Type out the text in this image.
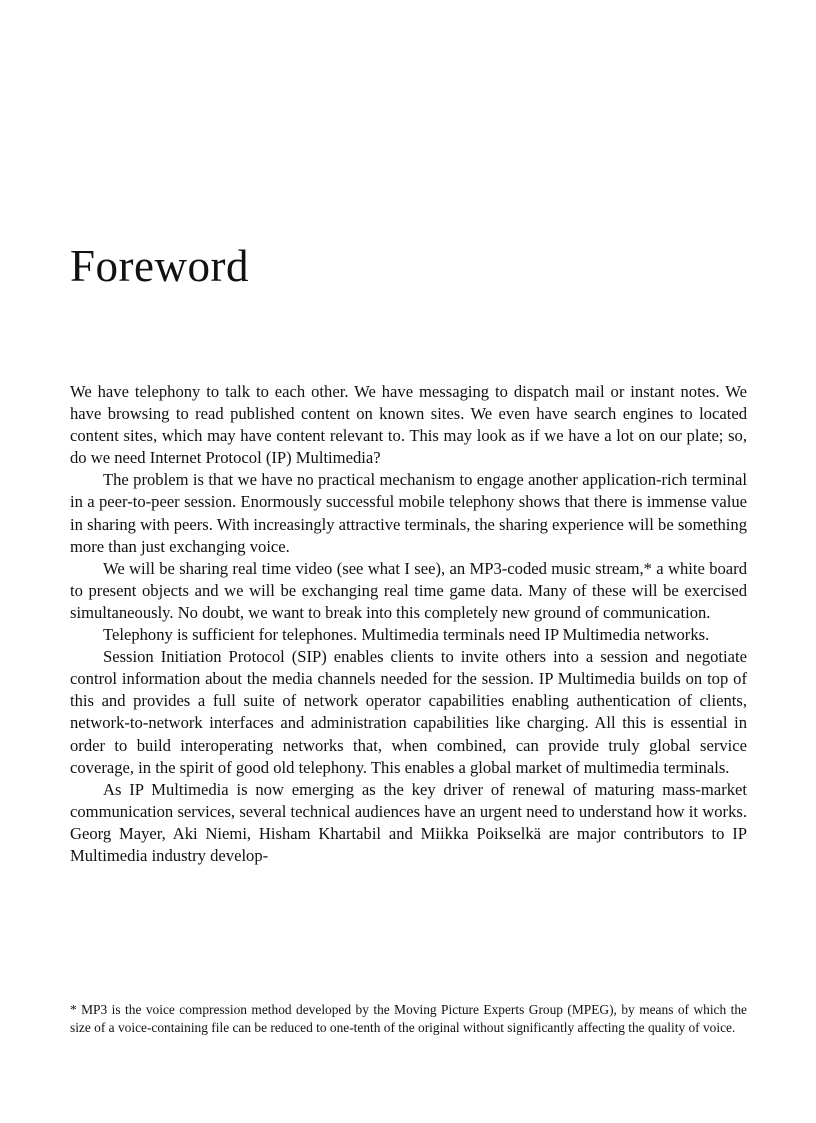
Foreword

We have telephony to talk to each other. We have messaging to dispatch mail or instant notes. We have browsing to read published content on known sites. We even have search engines to located content sites, which may have content relevant to. This may look as if we have a lot on our plate; so, do we need Internet Protocol (IP) Multimedia?

The problem is that we have no practical mechanism to engage another application-rich terminal in a peer-to-peer session. Enormously successful mobile telephony shows that there is immense value in sharing with peers. With increasingly attractive terminals, the sharing experience will be something more than just exchanging voice.

We will be sharing real time video (see what I see), an MP3-coded music stream,* a white board to present objects and we will be exchanging real time game data. Many of these will be exercised simultaneously. No doubt, we want to break into this completely new ground of communication.

Telephony is sufficient for telephones. Multimedia terminals need IP Multimedia networks.

Session Initiation Protocol (SIP) enables clients to invite others into a session and negotiate control information about the media channels needed for the session. IP Multimedia builds on top of this and provides a full suite of network operator capabilities enabling authentication of clients, network-to-network interfaces and administration capabilities like charging. All this is essential in order to build interoperating networks that, when combined, can provide truly global service coverage, in the spirit of good old telephony. This enables a global market of multimedia terminals.

As IP Multimedia is now emerging as the key driver of renewal of maturing mass-market communication services, several technical audiences have an urgent need to understand how it works. Georg Mayer, Aki Niemi, Hisham Khartabil and Miikka Poikselkä are major contributors to IP Multimedia industry develop-

* MP3 is the voice compression method developed by the Moving Picture Experts Group (MPEG), by means of which the size of a voice-containing file can be reduced to one-tenth of the original without significantly affecting the quality of voice.
